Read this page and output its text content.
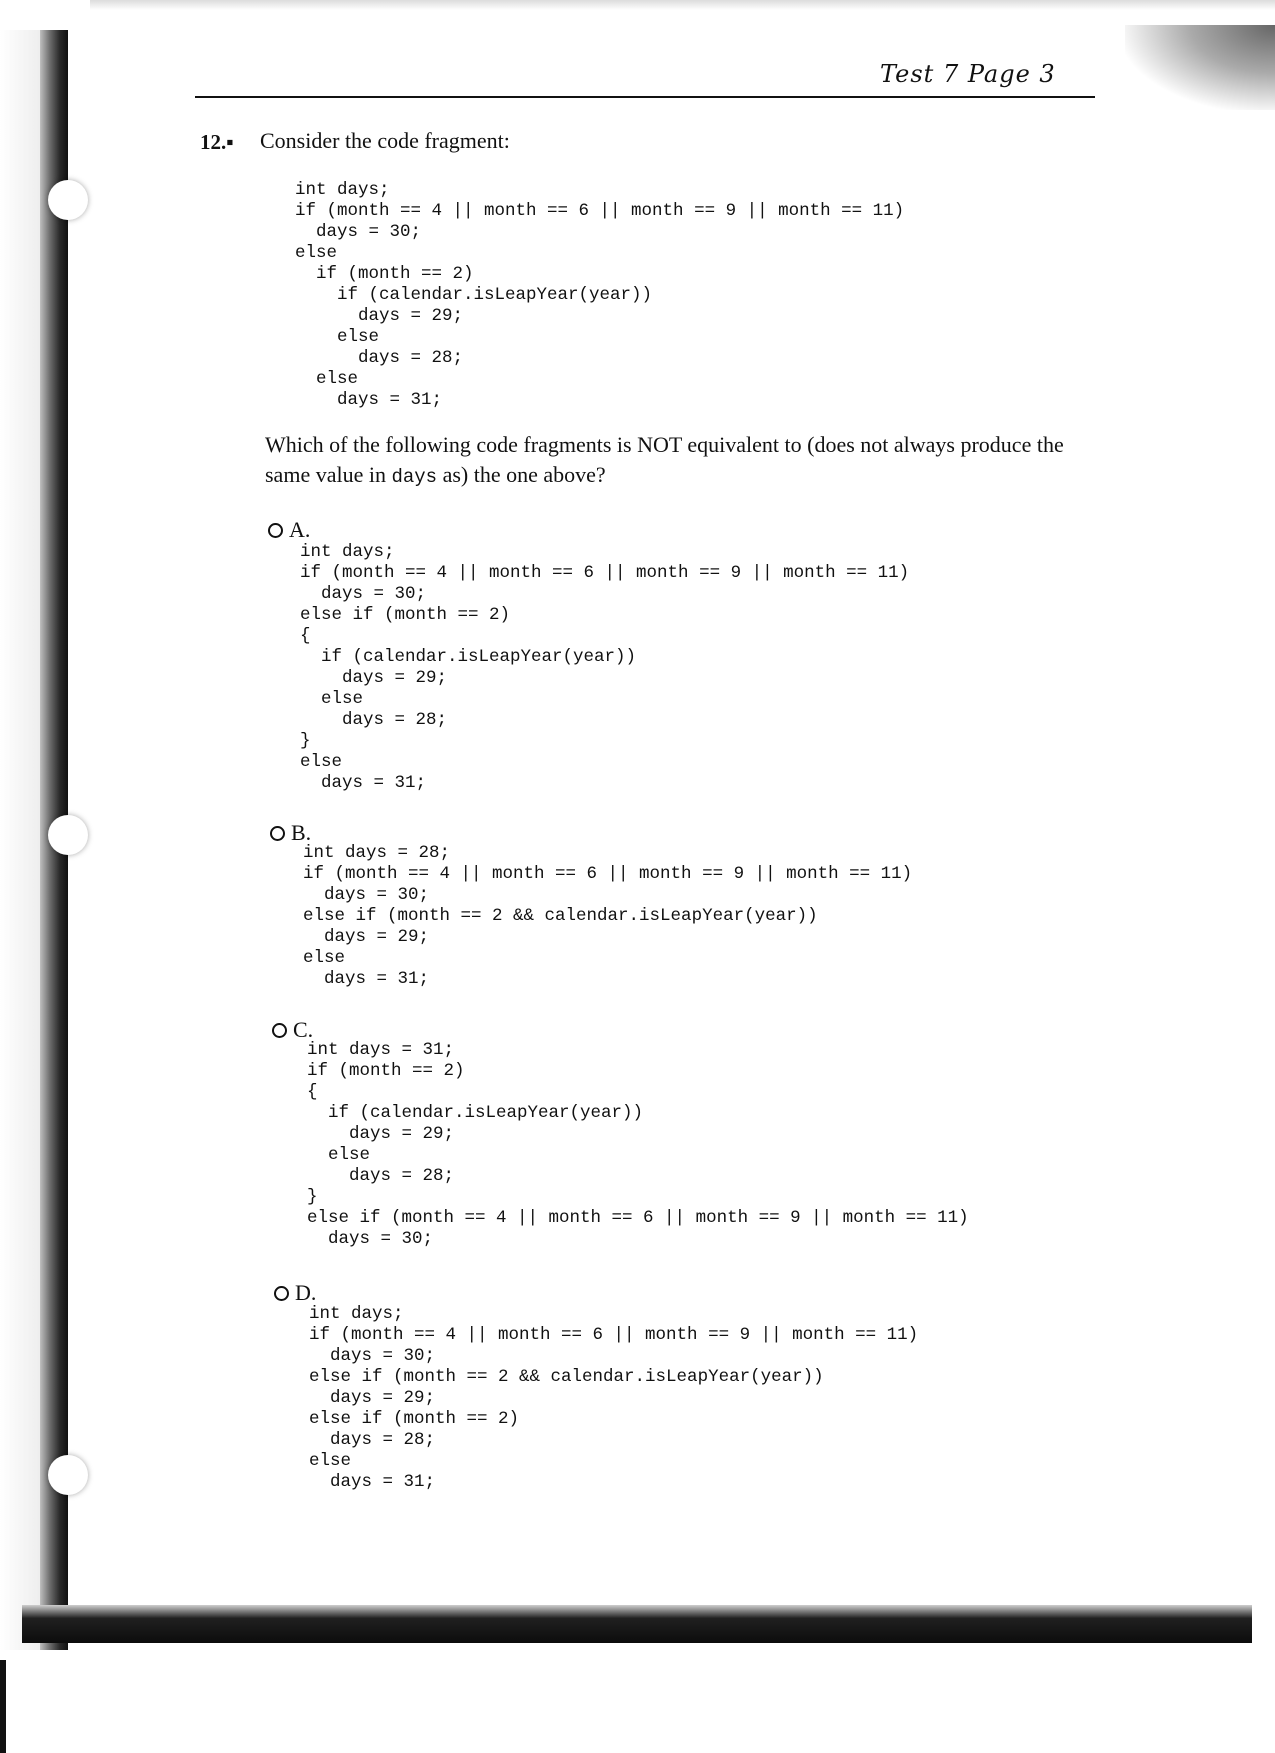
Test 7 Page 3
12.▪ Consider the code fragment:
int days;
if (month == 4 || month == 6 || month == 9 || month == 11)
days = 30;
else
if (month == 2)
if (calendar.isLeapYear(year))
days = 29;
else
days = 28;
else
days = 31;
Which of the following code fragments is NOT equivalent to (does not always produce the same value in days as) the one above?
A.
int days;
if (month == 4 || month == 6 || month == 9 || month == 11)
days = 30;
else if (month == 2)
{
if (calendar.isLeapYear(year))
days = 29;
else
days = 28;
}
else
days = 31;
B.
int days = 28;
if (month == 4 || month == 6 || month == 9 || month == 11)
days = 30;
else if (month == 2 && calendar.isLeapYear(year))
days = 29;
else
days = 31;
C.
int days = 31;
if (month == 2)
{
if (calendar.isLeapYear(year))
days = 29;
else
days = 28;
}
else if (month == 4 || month == 6 || month == 9 || month == 11)
days = 30;
D.
int days;
if (month == 4 || month == 6 || month == 9 || month == 11)
days = 30;
else if (month == 2 && calendar.isLeapYear(year))
days = 29;
else if (month == 2)
days = 28;
else
days = 31;
